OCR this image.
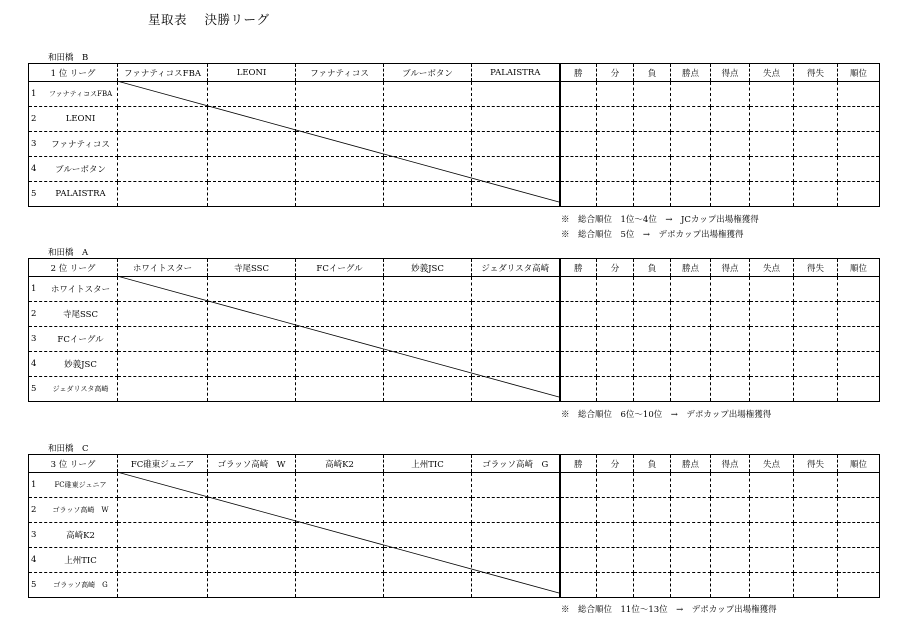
星取表　 決勝リーグ
和田橋　B
1 位 リーグ	ファナティコスFBA	LEONI	ファナティコス	ブルーボタン	PALAISTRA	勝	分	負	勝点	得点	失点	得失	順位

1 ファナティコスFBA													

2 LEONI													

3 ファナティコス													

4 ブルーボタン													

5 PALAISTRA													

※　総合順位　1位～4位　→　JCカップ出場権獲得
※　総合順位　5位　→　デポカップ出場権獲得
和田橋　A
2 位 リーグ	ホワイトスター	寺尾SSC	FCイーグル	妙義JSC	ジェダリスタ高崎	勝	分	負	勝点	得点	失点	得失	順位

1 ホワイトスター													

2 寺尾SSC													

3 FCイーグル													

4 妙義JSC													

5 ジェダリスタ高崎													

※　総合順位　6位～10位　→　デポカップ出場権獲得
和田橋　C
3 位 リーグ	FC碓東ジュニア	ゴラッソ高崎　W	高崎K2	上州TIC	ゴラッソ高崎　G	勝	分	負	勝点	得点	失点	得失	順位

1 FC碓東ジュニア													

2 ゴラッソ高崎　W													

3 高崎K2													

4 上州TIC													

5 ゴラッソ高崎　G													

※　総合順位　11位～13位　→　デポカップ出場権獲得
